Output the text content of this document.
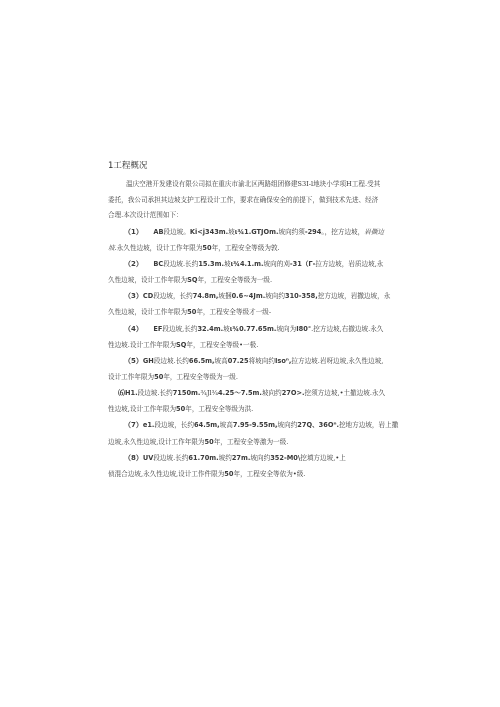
1工程概况
温庆空港开发建设有限公司拟在重庆市渝北区两路组团修建S3I-l地块小学项H工程.受其
委托，我公司承担其边坡支护工程设计工作，要求在确保安全的前提下，做到技术先进、经济
合理.本次设计范围如下：
（1） AB段边坡。Ki<j343m.坡ι¾1.GTJOm.坡向约须-294。，挖方边坡，岩撕边
坡.永久性边坡，设计工作年限为50年，工程安全等级为敦.
（2） BC段边坡.长约15.3m.坡ι¾4.1.m.坡向的刈-31（Γ-拉方边坡，岩质边坡,永
久性边坡，设计工作年限为SQ年，工程安全等级为一级.
（3）CD段边坡，长约74.8m,坡捆0.6~4Jm.坡向约310-358,挖方边坡，岩撒边坡，永
久性边坡，设计工作年限为50年，工程安全等级才一级-
（4） EF段边坡,长约32.4m.坡ι¾0.77.65m.坡向为I80°.挖方边坡,右撤边坡.永久
性边坡.设计工作年限为SQ年，工程安全等级•一极.
（5）GH段边坡.长约66.5m,坡高07.25将坡向约Isoⁿ,拉方边坡.岩呀边坡,永久性边坡,
设计工作年限为50年，工程安全等级为一级.
⑹H1.段边坡.长约7150m.¾Jl¾4.25～7.5m.坡向约27O>.挖须方边坡,•土撤边坡.永久
性边坡,设计工作年限为50年，工程安全等级为洪.
（7）e1.段边坡，长约64.5m,坡高7.95-9.55m,坡向约27Q、36Oⁿ.挖地方边坡，岩上撒
边坡,永久性边坡,设计工作年限为50年，工程安全等激为一级.
（8）UV段边坡.长约61.70m.坡约27m.坡向约352-M0\挖填方边坡,•上
侦混合边坡,永久性边坡,设计工作件限为50年，工程安全等依为•级.
